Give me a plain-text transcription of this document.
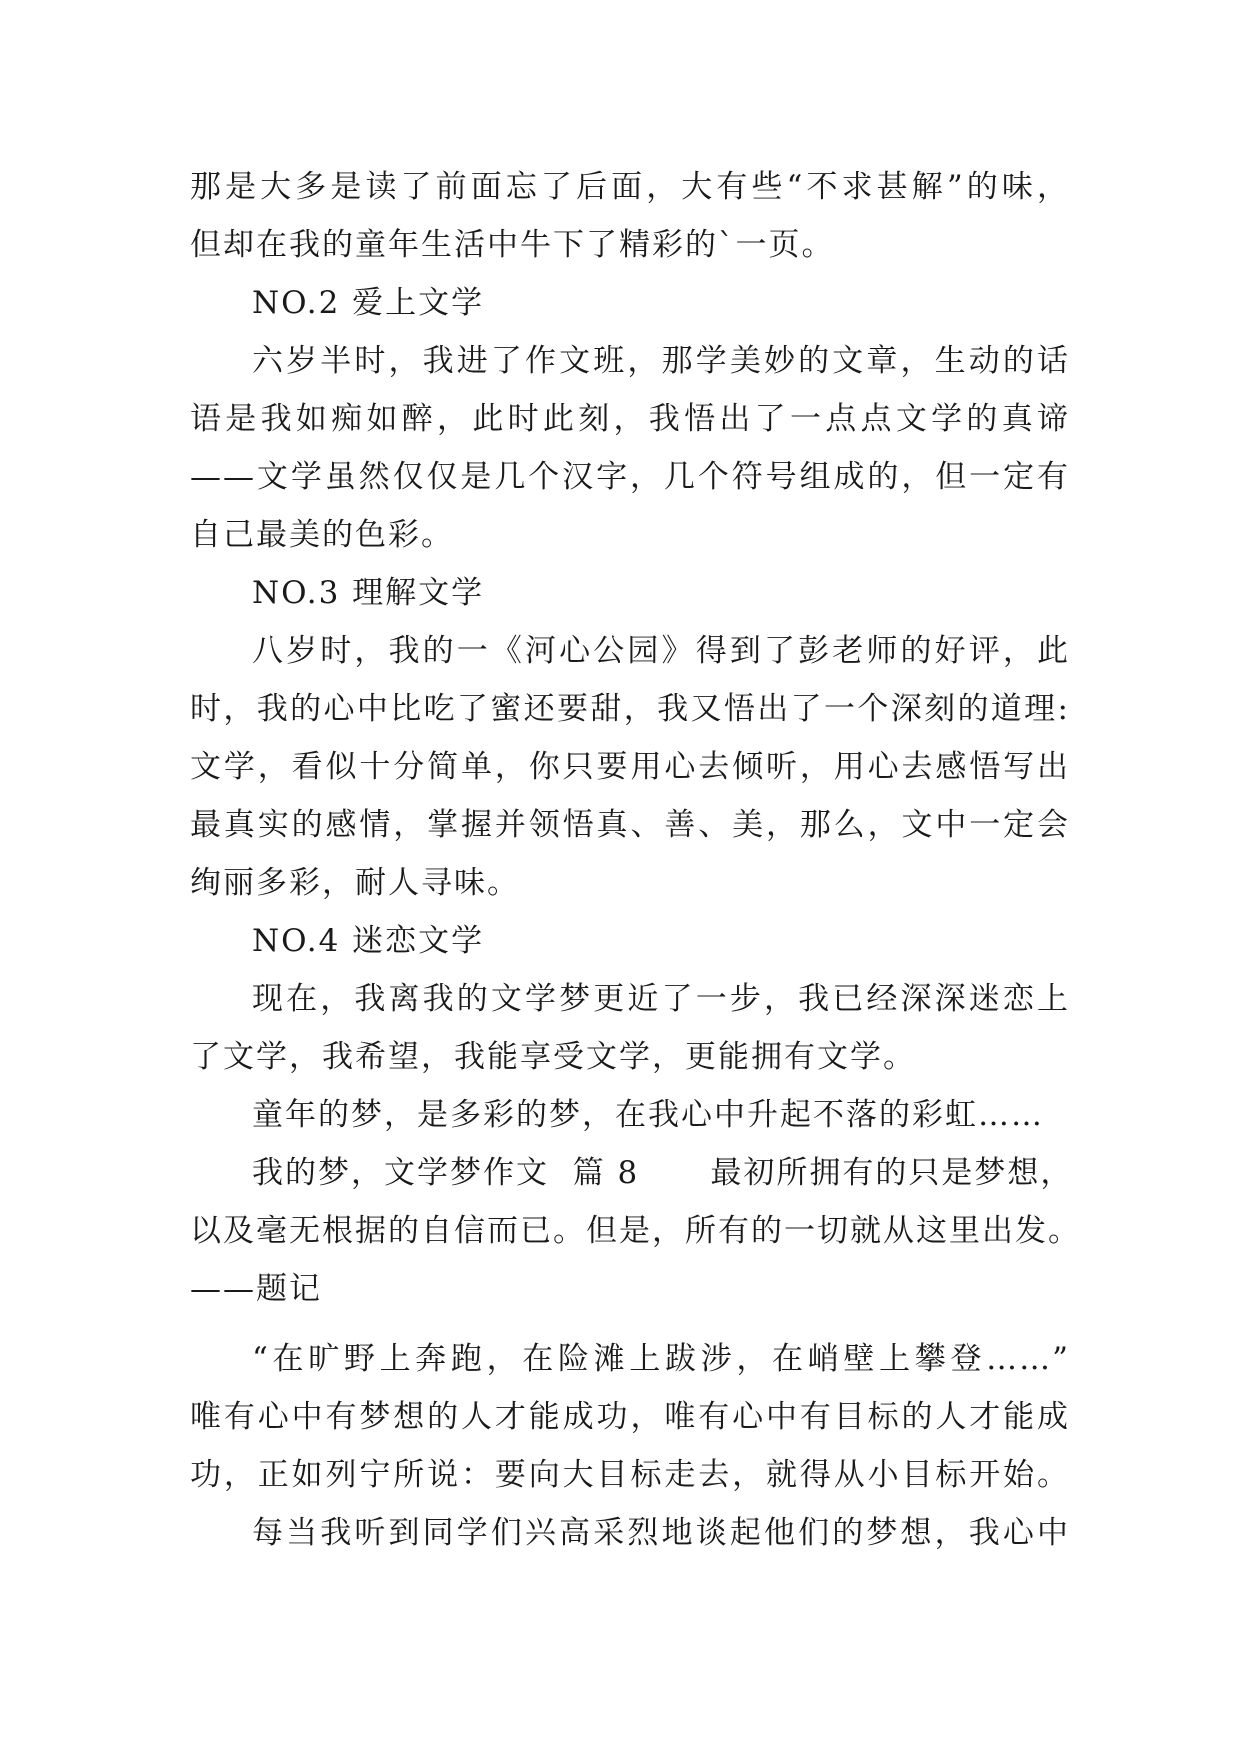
那是大多是读了前面忘了后面，大有些“不求甚解”的味，
但却在我的童年生活中牛下了精彩的`一页。
NO.2 爱上文学
六岁半时，我进了作文班，那学美妙的文章，生动的话
语是我如痴如醉，此时此刻，我悟出了一点点文学的真谛
——文学虽然仅仅是几个汉字，几个符号组成的，但一定有
自己最美的色彩。
NO.3 理解文学
八岁时，我的一《河心公园》得到了彭老师的好评，此
时，我的心中比吃了蜜还要甜，我又悟出了一个深刻的道理:
文学，看似十分简单，你只要用心去倾听，用心去感悟写出
最真实的感情，掌握并领悟真、善、美，那么，文中一定会
绚丽多彩，耐人寻味。
NO.4 迷恋文学
现在，我离我的文学梦更近了一步，我已经深深迷恋上
了文学，我希望，我能享受文学，更能拥有文学。
童年的梦，是多彩的梦，在我心中升起不落的彩虹……
我的梦，文学梦作文  篇 8      最初所拥有的只是梦想，
以及毫无根据的自信而已。但是，所有的一切就从这里出发。
——题记
“在旷野上奔跑，在险滩上跋涉，在峭壁上攀登……”
唯有心中有梦想的人才能成功，唯有心中有目标的人才能成
功，正如列宁所说：要向大目标走去，就得从小目标开始。
每当我听到同学们兴高采烈地谈起他们的梦想，我心中
